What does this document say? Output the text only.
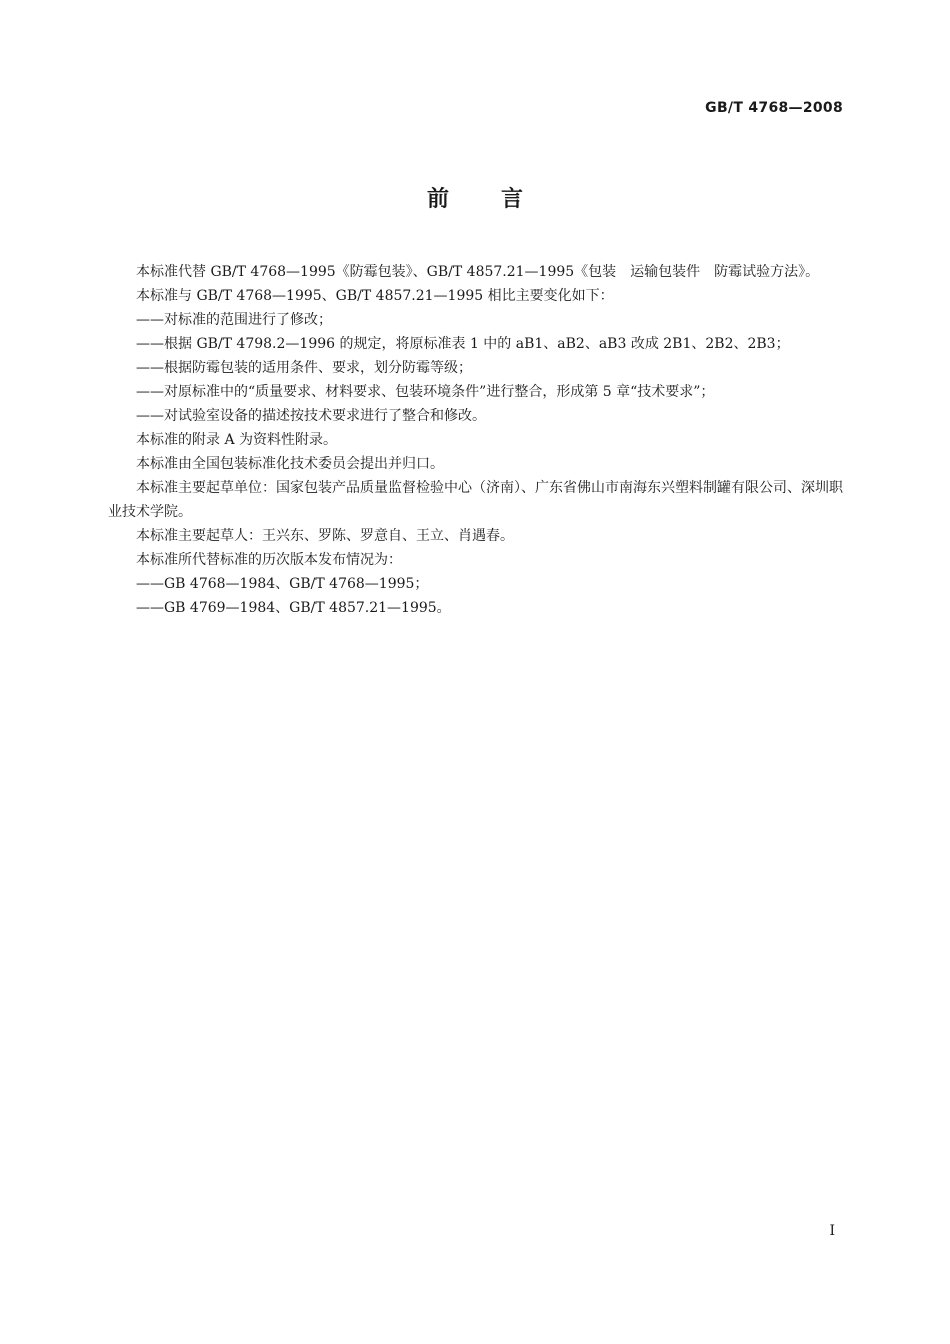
GB/T 4768—2008
前言

本标准代替 GB/T 4768—1995《防霉包装》、GB/T 4857.21—1995《包装　运输包装件　防霉试验方法》。

本标准与 GB/T 4768—1995、GB/T 4857.21—1995 相比主要变化如下：

——对标准的范围进行了修改；

——根据 GB/T 4798.2—1996 的规定，将原标准表 1 中的 aB1、aB2、aB3 改成 2B1、2B2、2B3；

——根据防霉包装的适用条件、要求，划分防霉等级；

——对原标准中的“质量要求、材料要求、包装环境条件”进行整合，形成第 5 章“技术要求”；

——对试验室设备的描述按技术要求进行了整合和修改。

本标准的附录 A 为资料性附录。

本标准由全国包装标准化技术委员会提出并归口。

本标准主要起草单位：国家包装产品质量监督检验中心（济南）、广东省佛山市南海东兴塑料制罐有限公司、深圳职业技术学院。

本标准主要起草人：王兴东、罗陈、罗意自、王立、肖遇春。

本标准所代替标准的历次版本发布情况为：

——GB 4768—1984、GB/T 4768—1995；

——GB 4769—1984、GB/T 4857.21—1995。

I
